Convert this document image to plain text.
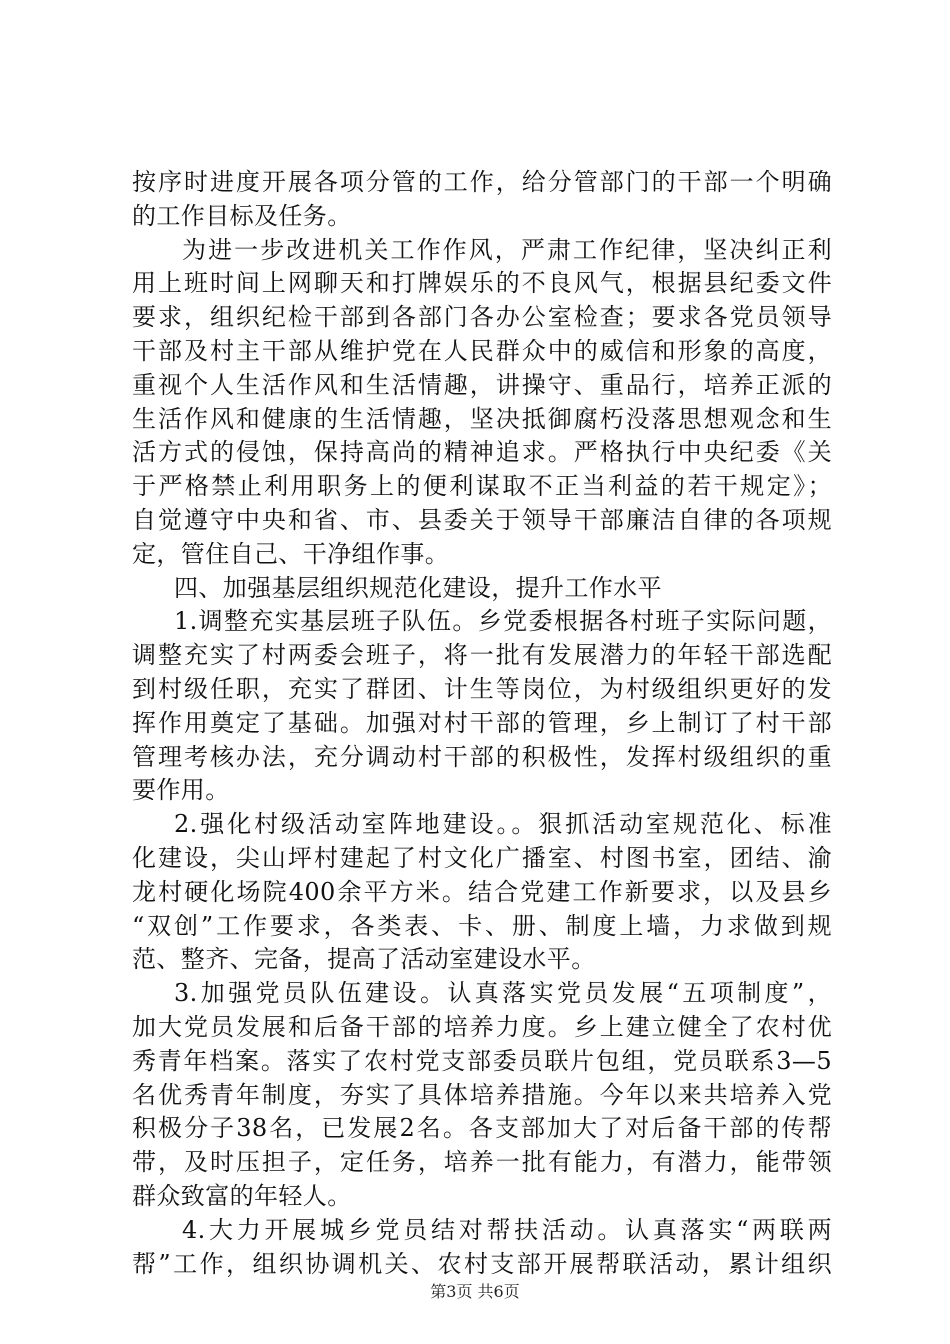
按序时进度开展各项分管的工作，给分管部门的干部一个明确
的工作目标及任务。
为进一步改进机关工作作风，严肃工作纪律，坚决纠正利
用上班时间上网聊天和打牌娱乐的不良风气，根据县纪委文件
要求，组织纪检干部到各部门各办公室检查；要求各党员领导
干部及村主干部从维护党在人民群众中的威信和形象的高度，
重视个人生活作风和生活情趣，讲操守、重品行，培养正派的
生活作风和健康的生活情趣，坚决抵御腐朽没落思想观念和生
活方式的侵蚀，保持高尚的精神追求。严格执行中央纪委《关
于严格禁止利用职务上的便利谋取不正当利益的若干规定》；
自觉遵守中央和省、市、县委关于领导干部廉洁自律的各项规
定，管住自己、干净组作事。
四、加强基层组织规范化建设，提升工作水平
1.调整充实基层班子队伍。乡党委根据各村班子实际问题，
调整充实了村两委会班子，将一批有发展潜力的年轻干部选配
到村级任职，充实了群团、计生等岗位，为村级组织更好的发
挥作用奠定了基础。加强对村干部的管理，乡上制订了村干部
管理考核办法，充分调动村干部的积极性，发挥村级组织的重
要作用。
2.强化村级活动室阵地建设。。狠抓活动室规范化、标准
化建设，尖山坪村建起了村文化广播室、村图书室，团结、渝
龙村硬化场院400余平方米。结合党建工作新要求，以及县乡
“双创”工作要求，各类表、卡、册、制度上墙，力求做到规
范、整齐、完备，提高了活动室建设水平。
3.加强党员队伍建设。认真落实党员发展“五项制度”，
加大党员发展和后备干部的培养力度。乡上建立健全了农村优
秀青年档案。落实了农村党支部委员联片包组，党员联系3—5
名优秀青年制度，夯实了具体培养措施。今年以来共培养入党
积极分子38名，已发展2名。各支部加大了对后备干部的传帮
带，及时压担子，定任务，培养一批有能力，有潜力，能带领
群众致富的年轻人。
4.大力开展城乡党员结对帮扶活动。认真落实“两联两
帮”工作，组织协调机关、农村支部开展帮联活动，累计组织
第3页 共6页
